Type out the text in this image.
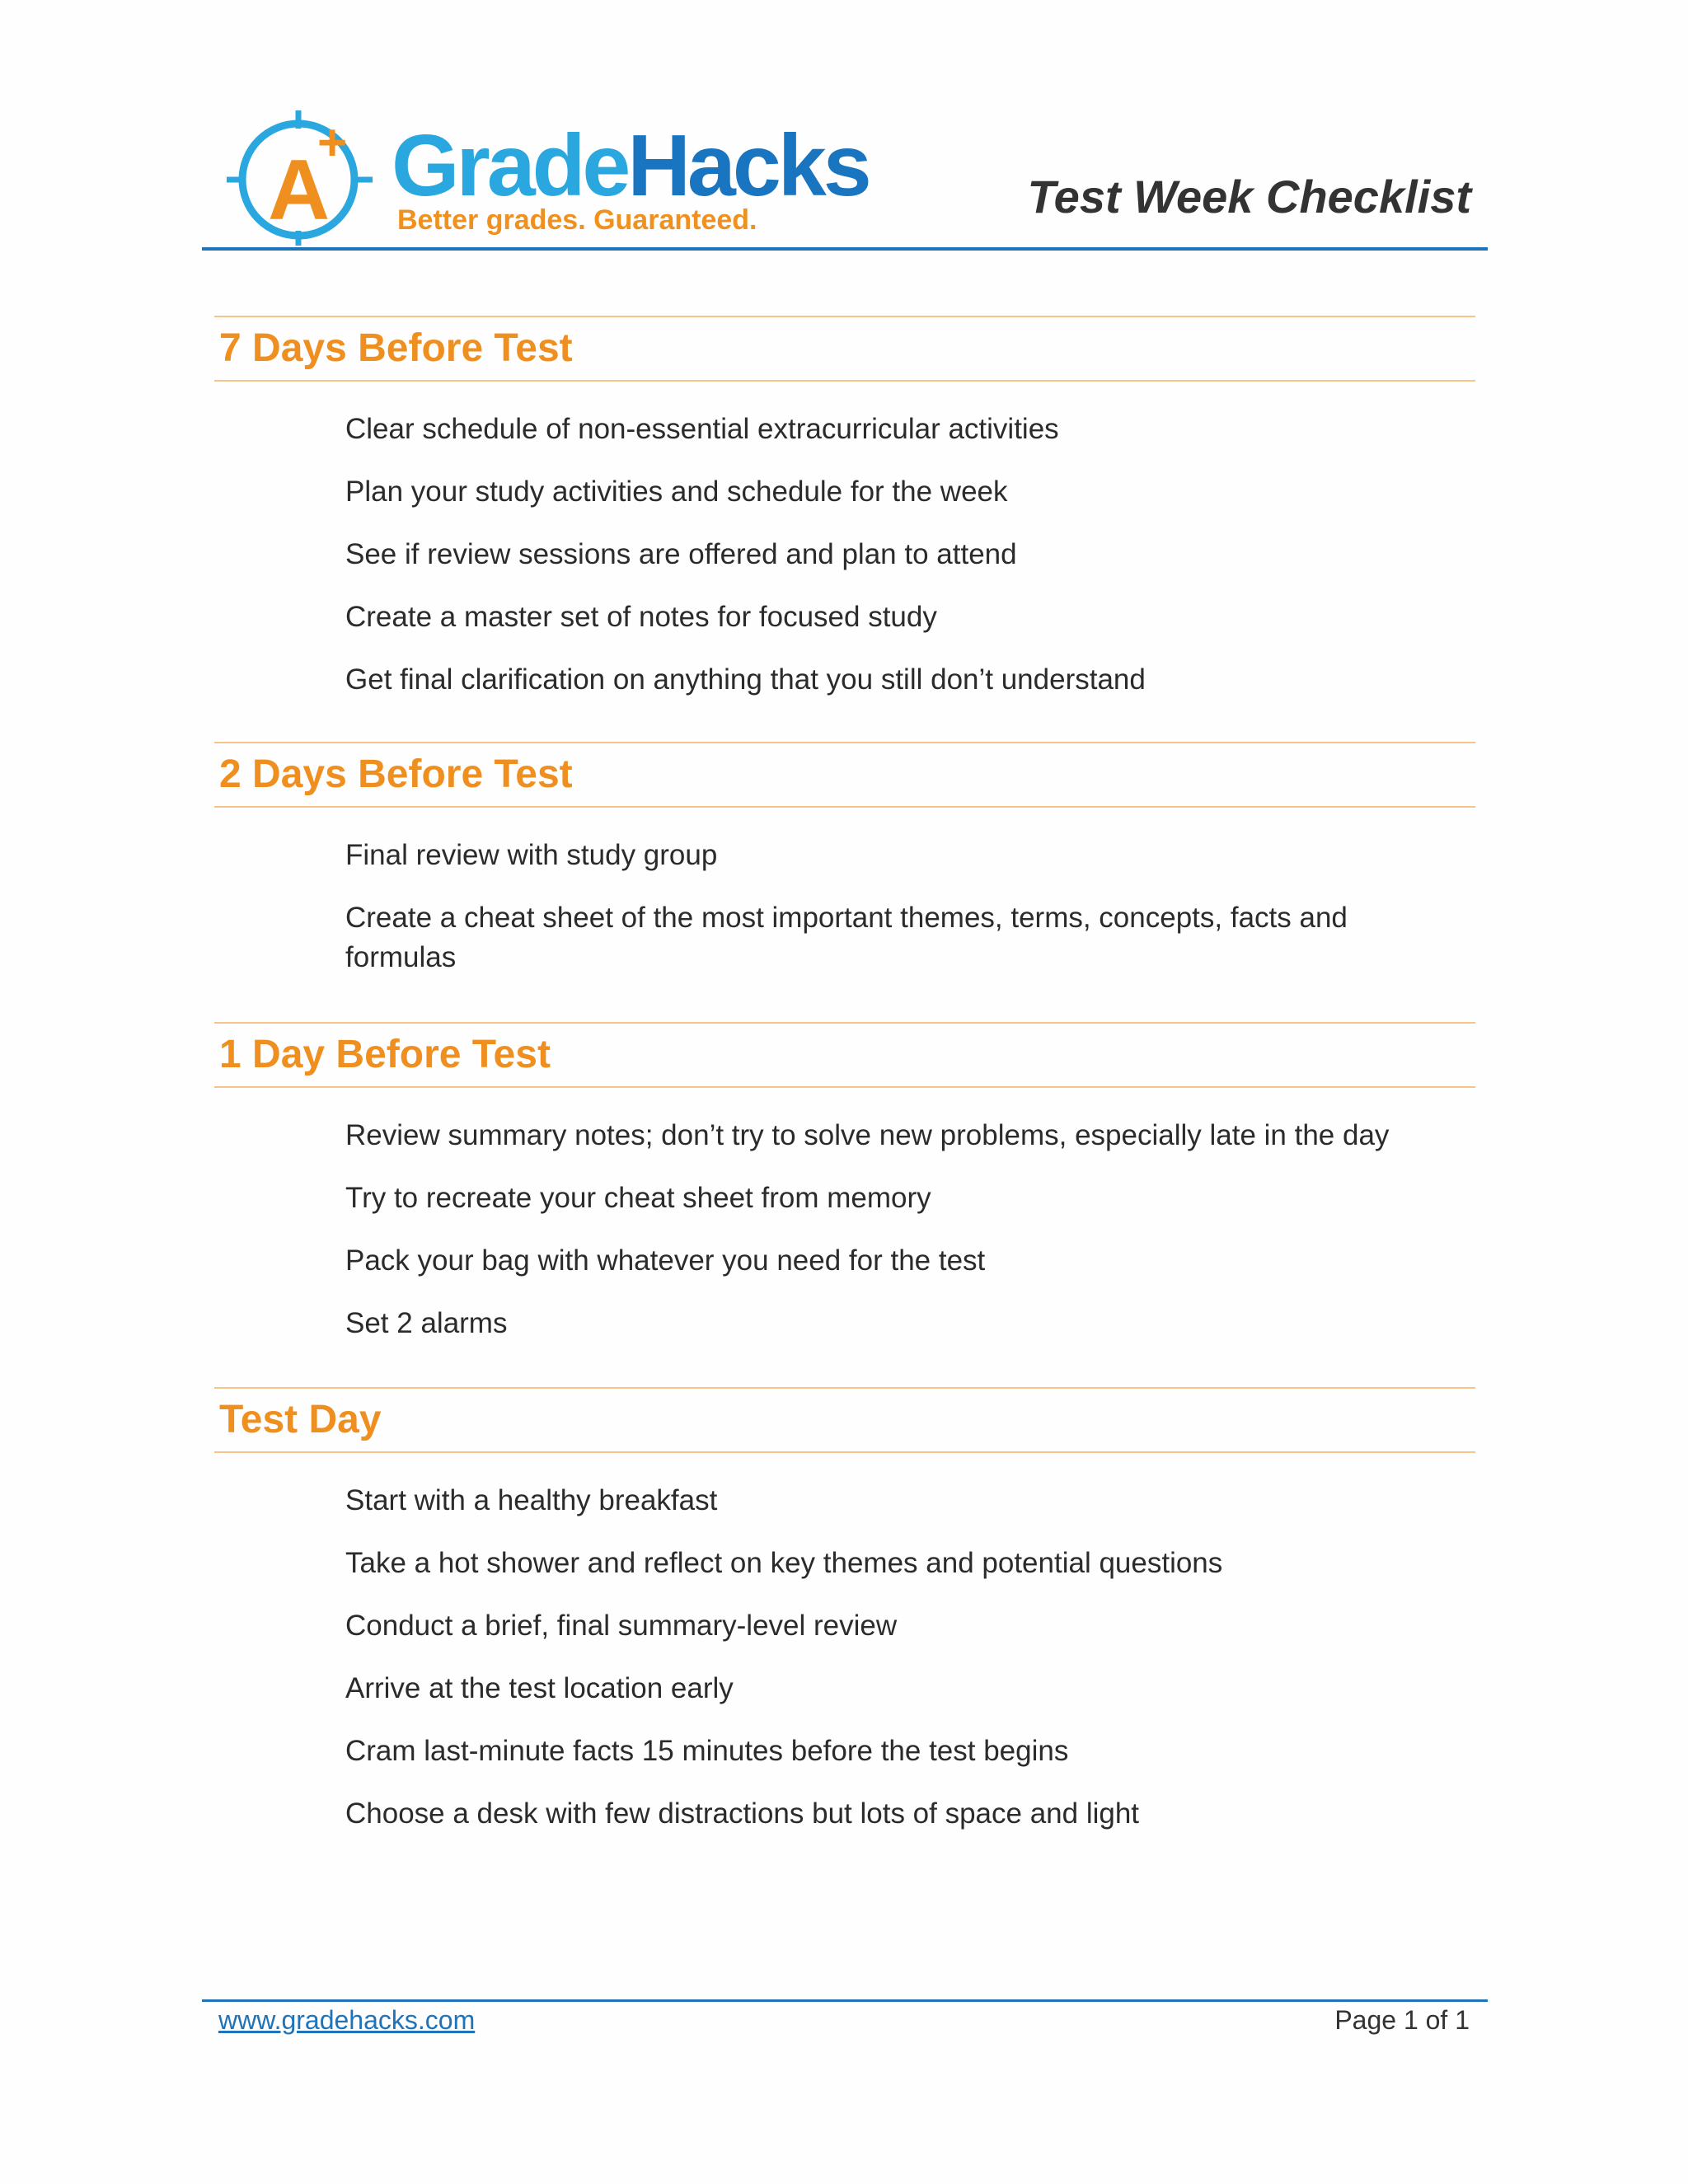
A
+ GradeHacks
Better grades. Guaranteed.	Test Week Checklist
7 Days Before Test
Clear schedule of non-essential extracurricular activities
Plan your study activities and schedule for the week
See if review sessions are offered and plan to attend
Create a master set of notes for focused study
Get final clarification on anything that you still don’t understand
2 Days Before Test
Final review with study group
Create a cheat sheet of the most important themes, terms, concepts, facts and formulas
1 Day Before Test
Review summary notes; don’t try to solve new problems, especially late in the day
Try to recreate your cheat sheet from memory
Pack your bag with whatever you need for the test
Set 2 alarms
Test Day
Start with a healthy breakfast
Take a hot shower and reflect on key themes and potential questions
Conduct a brief, final summary-level review
Arrive at the test location early
Cram last-minute facts 15 minutes before the test begins
Choose a desk with few distractions but lots of space and light
www.gradehacks.com	Page 1 of 1
